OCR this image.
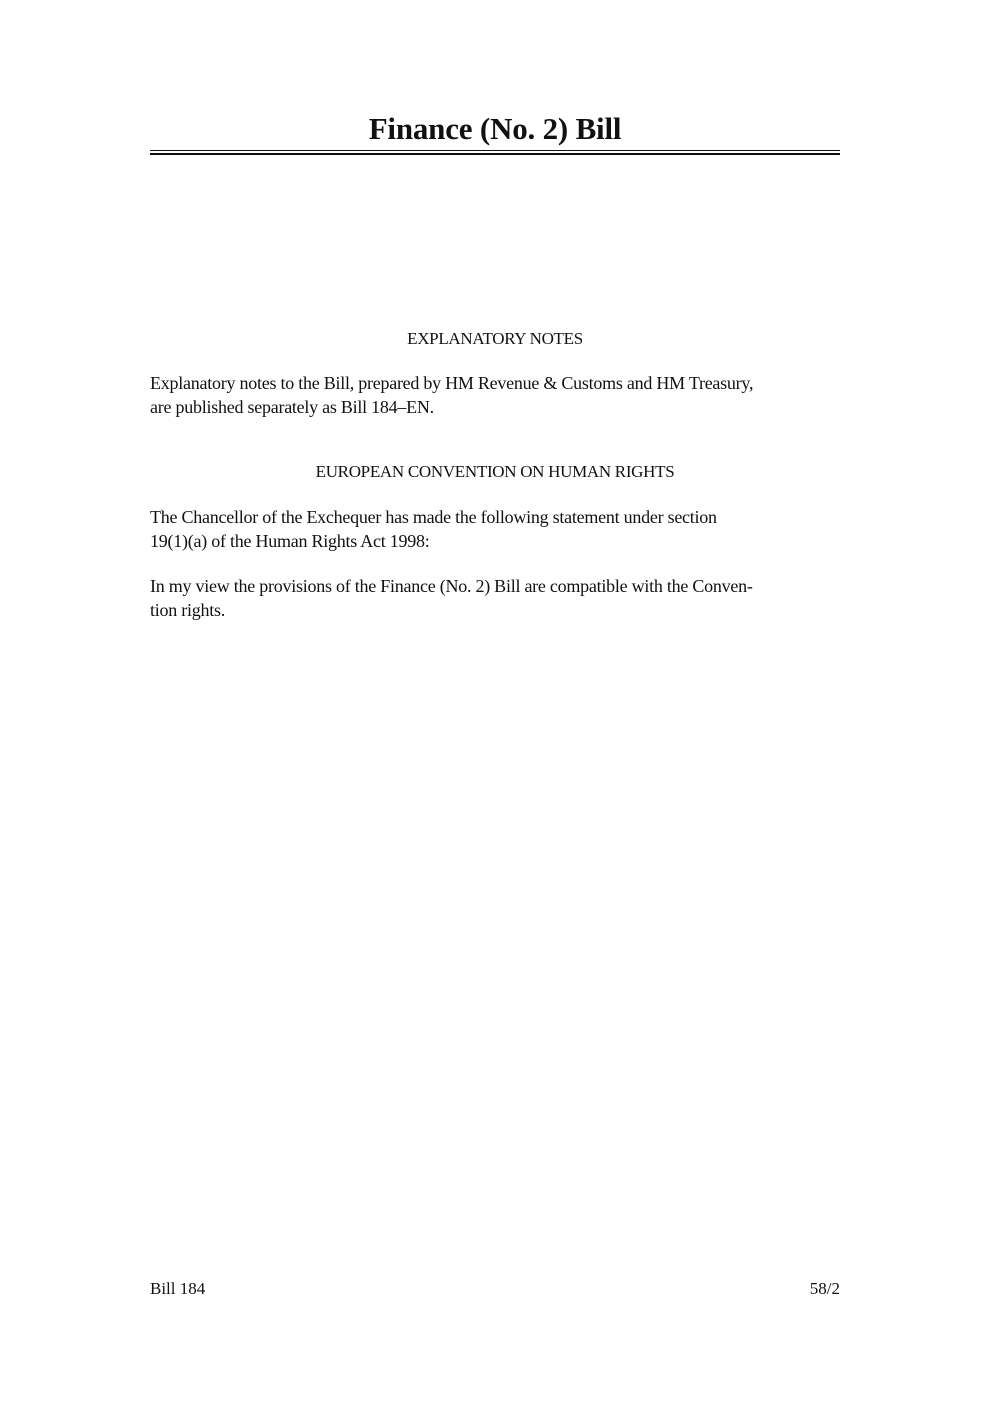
Finance (No. 2) Bill
EXPLANATORY NOTES

Explanatory notes to the Bill, prepared by HM Revenue & Customs and HM Treasury,

are published separately as Bill 184–EN.

EUROPEAN CONVENTION ON HUMAN RIGHTS

The Chancellor of the Exchequer has made the following statement under section

19(1)(a) of the Human Rights Act 1998:

In my view the provisions of the Finance (No. 2) Bill are compatible with the Conven-

tion rights.

Bill 184	58/2
